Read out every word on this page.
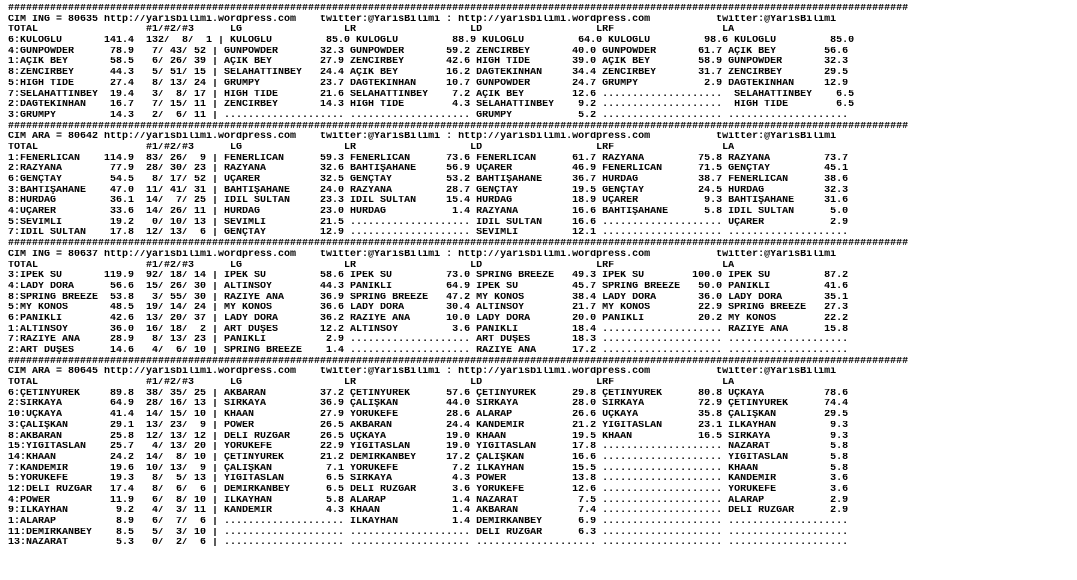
######################################################################################################################################################
CIM ING = 80635 http://yarisbilimi.wordpress.com    twitter:@YarisBilimi : http://yarisbilimi.wordpress.com           twitter:@YarisBilimi
TOTAL                  #1/#2/#3      LG                 LR                   LD                   LRF                  LA
6:KULOĞLU       141.4  132/  8/  1 | KULOĞLU         85.0 KULOĞLU         88.9 KULOĞLU         64.0 KULOĞLU         98.6 KULOĞLU         85.0
4:GUNPOWDER      78.9   7/ 43/ 52 | GUNPOWDER       32.3 GUNPOWDER       59.2 ZENCIRBEY       40.0 GUNPOWDER       61.7 AÇIK BEY        56.6
1:AÇIK BEY       58.5   6/ 26/ 39 | AÇIK BEY        27.9 ZENCIRBEY       42.6 HIGH TIDE       39.0 AÇIK BEY        58.9 GUNPOWDER       32.3
8:ZENCIRBEY      44.3   5/ 51/ 15 | SELAHATTİNBEY   24.4 AÇIK BEY        16.2 DAĞTEKİNHAN     34.4 ZENCIRBEY       31.7 ZENCIRBEY       29.5
5:HIGH TIDE      27.4   8/ 13/ 24 | GRUMPY          23.7 DAĞTEKİNHAN     10.7 GUNPOWDER       24.7 GRUMPY           2.9 DAĞTEKİNHAN     12.9
7:SELAHATTİNBEY  19.4   3/  8/ 17 | HIGH TIDE       21.6 SELAHATTİNBEY    7.2 AÇIK BEY        12.6 ....................  SELAHATTİNBEY    6.5
2:DAĞTEKİNHAN    16.7   7/ 15/ 11 | ZENCIRBEY       14.3 HIGH TIDE        4.3 SELAHATTİNBEY    9.2 ....................  HIGH TIDE        6.5
3:GRUMPY         14.3   2/  6/ 11 | .................... .................... GRUMPY           5.2 .................... ....................
######################################################################################################################################################
CIM ARA = 80642 http://yarisbilimi.wordpress.com    twitter:@YarisBilimi : http://yarisbilimi.wordpress.com           twitter:@YarisBilimi
TOTAL                  #1/#2/#3      LG                 LR                   LD                   LRF                  LA
1:FENERLİCAN    114.9  83/ 26/  9 | FENERLİCAN      59.3 FENERLİCAN      73.6 FENERLİCAN      61.7 RAZYANA         75.8 RAZYANA         73.7
2:RAZYANA        77.9  28/ 30/ 23 | RAZYANA         32.6 BAHTİŞAHANE     56.9 UÇARER          46.9 FENERLİCAN      71.5 GENÇTAY         45.1
6:GENÇTAY        54.5   8/ 17/ 52 | UÇARER          32.5 GENÇTAY         53.2 BAHTİŞAHANE     36.7 HÜRDAĞ          38.7 FENERLİCAN      38.6
3:BAHTİŞAHANE    47.0  11/ 41/ 31 | BAHTİŞAHANE     24.0 RAZYANA         28.7 GENÇTAY         19.5 GENÇTAY         24.5 HÜRDAĞ          32.3
8:HÜRDAĞ         36.1  14/  7/ 25 | İDİL SULTAN     23.3 İDİL SULTAN     15.4 HÜRDAĞ          18.9 UÇARER           9.3 BAHTİŞAHANE     31.6
4:UÇARER         33.6  14/ 26/ 11 | HÜRDAĞ          23.0 HÜRDAĞ           1.4 RAZYANA         16.6 BAHTİŞAHANE      5.8 İDİL SULTAN      5.0
5:SEVİMLİ        19.2   0/ 10/ 13 | SEVİMLİ         21.5 .................... İDİL SULTAN     16.6 .................... UÇARER           2.9
7:İDİL SULTAN    17.8  12/ 13/  6 | GENÇTAY         12.9 .................... SEVİMLİ         12.1 .................... ....................
######################################################################################################################################################
CIM ING = 80637 http://yarisbilimi.wordpress.com    twitter:@YarisBilimi : http://yarisbilimi.wordpress.com           twitter:@YarisBilimi
TOTAL                  #1/#2/#3      LG                 LR                   LD                   LRF                  LA
3:İPEK SU       119.9  92/ 18/ 14 | İPEK SU         58.6 İPEK SU         73.0 SPRING BREEZE   49.3 İPEK SU        100.0 İPEK SU         87.2
4:LADY DORA      56.6  15/ 26/ 30 | ALTINSOY        44.3 PANİKLİ         64.9 İPEK SU         45.7 SPRING BREEZE   50.0 PANİKLİ         41.6
8:SPRING BREEZE  53.8   3/ 55/ 30 | RAZİYE ANA      36.9 SPRING BREEZE   47.2 MY KONOS        38.4 LADY DORA       36.0 LADY DORA       35.1
5:MY KONOS       48.5  19/ 14/ 24 | MY KONOS        36.6 LADY DORA       30.4 ALTINSOY        21.7 MY KONOS        22.9 SPRING BREEZE   27.3
6:PANİKLİ        42.6  13/ 20/ 37 | LADY DORA       36.2 RAZİYE ANA      10.0 LADY DORA       20.0 PANİKLİ         20.2 MY KONOS        22.2
1:ALTINSOY       36.0  16/ 18/  2 | ART DÜŞES       12.2 ALTINSOY         3.6 PANİKLİ         18.4 .................... RAZİYE ANA      15.8
7:RAZİYE ANA     28.9   8/ 13/ 23 | PANİKLİ          2.9 .................... ART DÜŞES       18.3 .................... ....................
2:ART DÜŞES      14.6   4/  6/ 10 | SPRING BREEZE    1.4 .................... RAZİYE ANA      17.2 .................... ....................
######################################################################################################################################################
CIM ARA = 80645 http://yarisbilimi.wordpress.com    twitter:@YarisBilimi : http://yarisbilimi.wordpress.com           twitter:@YarisBilimi
TOTAL                  #1/#2/#3      LG                 LR                   LD                   LRF                  LA
6:ÇETİNYÜREK     89.8  38/ 35/ 25 | AKBARAN         37.2 ÇETİNYÜREK      57.6 ÇETİNYÜREK      29.8 ÇETİNYÜREK      80.8 UÇKAYA          78.6
2:SIRKAYA        64.9  28/ 16/ 13 | SIRKAYA         36.9 ÇALIŞKAN        44.0 SIRKAYA         28.0 SIRKAYA         72.9 ÇETİNYÜREK      74.4
10:UÇKAYA        41.4  14/ 15/ 10 | KHAAN           27.9 YÖRÜKEFE        28.6 ALARAP          26.6 UÇKAYA          35.8 ÇALIŞKAN        29.5
3:ÇALIŞKAN       29.1  13/ 23/  9 | POWER           26.5 AKBARAN         24.4 KANDEMİR        21.2 YİĞİTASLAN      23.1 İLKAYHAN         9.3
8:AKBARAN        25.8  12/ 13/ 12 | DELİ RÜZGAR     26.5 UÇKAYA          19.0 KHAAN           19.5 KHAAN           16.5 SIRKAYA          9.3
15:YİĞİTASLAN    25.7   4/ 13/ 20 | YÖRÜKEFE        22.9 YİĞİTASLAN      19.0 YİĞİTASLAN      17.8 .................... NAZARAT          5.8
14:KHAAN         24.2  14/  8/ 10 | ÇETİNYÜREK      21.2 DEMİRKANBEY     17.2 ÇALIŞKAN        16.6 .................... YİĞİTASLAN       5.8
7:KANDEMİR       19.6  10/ 13/  9 | ÇALIŞKAN         7.1 YÖRÜKEFE         7.2 İLKAYHAN        15.5 .................... KHAAN            5.8
5:YÖRÜKEFE       19.3   8/  5/ 13 | YİĞİTASLAN       6.5 SIRKAYA          4.3 POWER           13.8 .................... KANDEMİR         3.6
12:DELİ RÜZGAR   17.4   8/  6/  6 | DEMİRKANBEY      6.5 DELİ RÜZGAR      3.6 YÖRÜKEFE        12.6 .................... YÖRÜKEFE         3.6
4:POWER          11.9   6/  8/ 10 | İLKAYHAN         5.8 ALARAP           1.4 NAZARAT          7.5 .................... ALARAP           2.9
9:İLKAYHAN        9.2   4/  3/ 11 | KANDEMİR         4.3 KHAAN            1.4 AKBARAN          7.4 .................... DELİ RÜZGAR      2.9
1:ALARAP          8.9   6/  7/  6 | .................... İLKAYHAN         1.4 DEMİRKANBEY      6.9 .................... ....................
11:DEMİRKANBEY    8.5   5/  3/ 10 | .................... .................... DELİ RÜZGAR      6.3 .................... ....................
13:NAZARAT        5.3   0/  2/  6 | .................... .................... .................... .................... ....................
